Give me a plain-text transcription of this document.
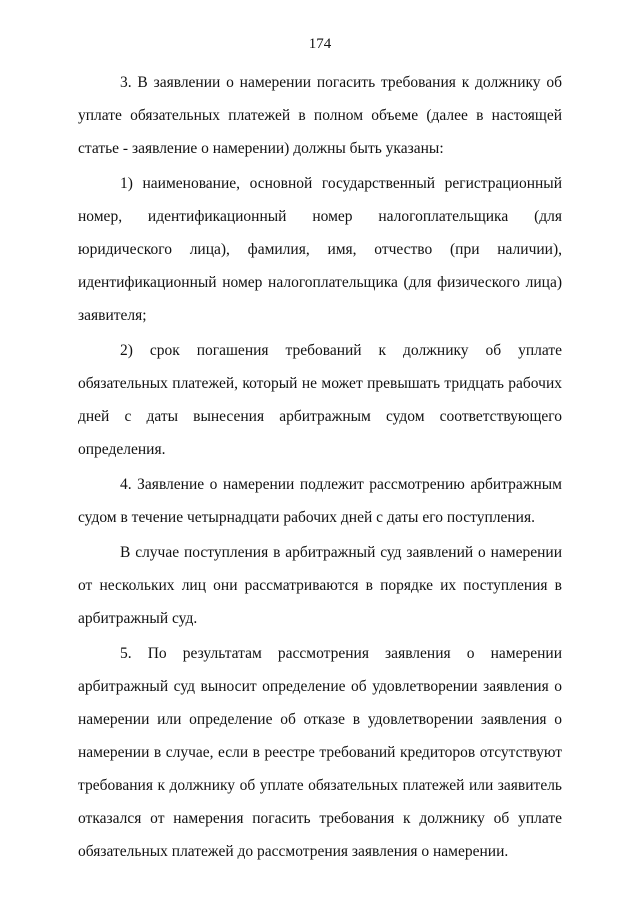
174

3. В заявлении о намерении погасить требования к должнику об уплате обязательных платежей в полном объеме (далее в настоящей статье - заявление о намерении) должны быть указаны:

1) наименование, основной государственный регистрационный номер, идентификационный номер налогоплательщика (для юридического лица), фамилия, имя, отчество (при наличии), идентификационный номер налогоплательщика (для физического лица) заявителя;

2) срок погашения требований к должнику об уплате обязательных платежей, который не может превышать тридцать рабочих дней с даты вынесения арбитражным судом соответствующего определения.

4. Заявление о намерении подлежит рассмотрению арбитражным судом в течение четырнадцати рабочих дней с даты его поступления.

В случае поступления в арбитражный суд заявлений о намерении от нескольких лиц они рассматриваются в порядке их поступления в арбитражный суд.

5. По результатам рассмотрения заявления о намерении арбитражный суд выносит определение об удовлетворении заявления о намерении или определение об отказе в удовлетворении заявления о намерении в случае, если в реестре требований кредиторов отсутствуют требования к должнику об уплате обязательных платежей или заявитель отказался от намерения погасить требования к должнику об уплате обязательных платежей до рассмотрения заявления о намерении.
